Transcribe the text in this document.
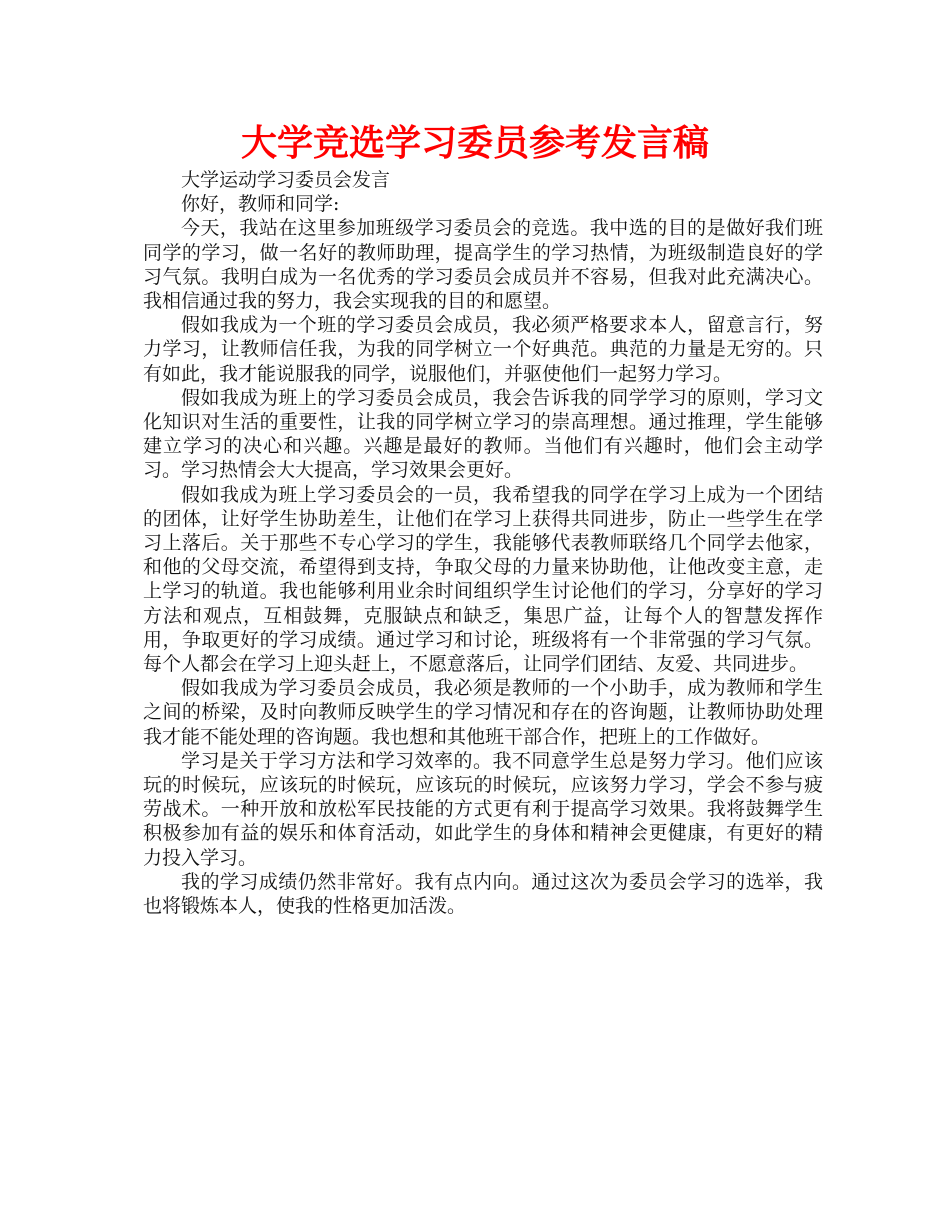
大学竞选学习委员参考发言稿

大学运动学习委员会发言

你好，教师和同学:

今天，我站在这里参加班级学习委员会的竞选。我中选的目的是做好我们班同学的学习，做一名好的教师助理，提高学生的学习热情，为班级制造良好的学习气氛。我明白成为一名优秀的学习委员会成员并不容易，但我对此充满决心。我相信通过我的努力，我会实现我的目的和愿望。

假如我成为一个班的学习委员会成员，我必须严格要求本人，留意言行，努力学习，让教师信任我，为我的同学树立一个好典范。典范的力量是无穷的。只有如此，我才能说服我的同学，说服他们，并驱使他们一起努力学习。

假如我成为班上的学习委员会成员，我会告诉我的同学学习的原则，学习文化知识对生活的重要性，让我的同学树立学习的崇高理想。通过推理，学生能够建立学习的决心和兴趣。兴趣是最好的教师。当他们有兴趣时，他们会主动学习。学习热情会大大提高，学习效果会更好。

假如我成为班上学习委员会的一员，我希望我的同学在学习上成为一个团结的团体，让好学生协助差生，让他们在学习上获得共同进步，防止一些学生在学习上落后。关于那些不专心学习的学生，我能够代表教师联络几个同学去他家，和他的父母交流，希望得到支持，争取父母的力量来协助他，让他改变主意，走上学习的轨道。我也能够利用业余时间组织学生讨论他们的学习，分享好的学习方法和观点，互相鼓舞，克服缺点和缺乏，集思广益，让每个人的智慧发挥作用，争取更好的学习成绩。通过学习和讨论，班级将有一个非常强的学习气氛。每个人都会在学习上迎头赶上，不愿意落后，让同学们团结、友爱、共同进步。

假如我成为学习委员会成员，我必须是教师的一个小助手，成为教师和学生之间的桥梁，及时向教师反映学生的学习情况和存在的咨询题，让教师协助处理我才能不能处理的咨询题。我也想和其他班干部合作，把班上的工作做好。

学习是关于学习方法和学习效率的。我不同意学生总是努力学习。他们应该玩的时候玩，应该玩的时候玩，应该玩的时候玩，应该努力学习，学会不参与疲劳战术。一种开放和放松军民技能的方式更有利于提高学习效果。我将鼓舞学生积极参加有益的娱乐和体育活动，如此学生的身体和精神会更健康，有更好的精力投入学习。

我的学习成绩仍然非常好。我有点内向。通过这次为委员会学习的选举，我也将锻炼本人，使我的性格更加活泼。
